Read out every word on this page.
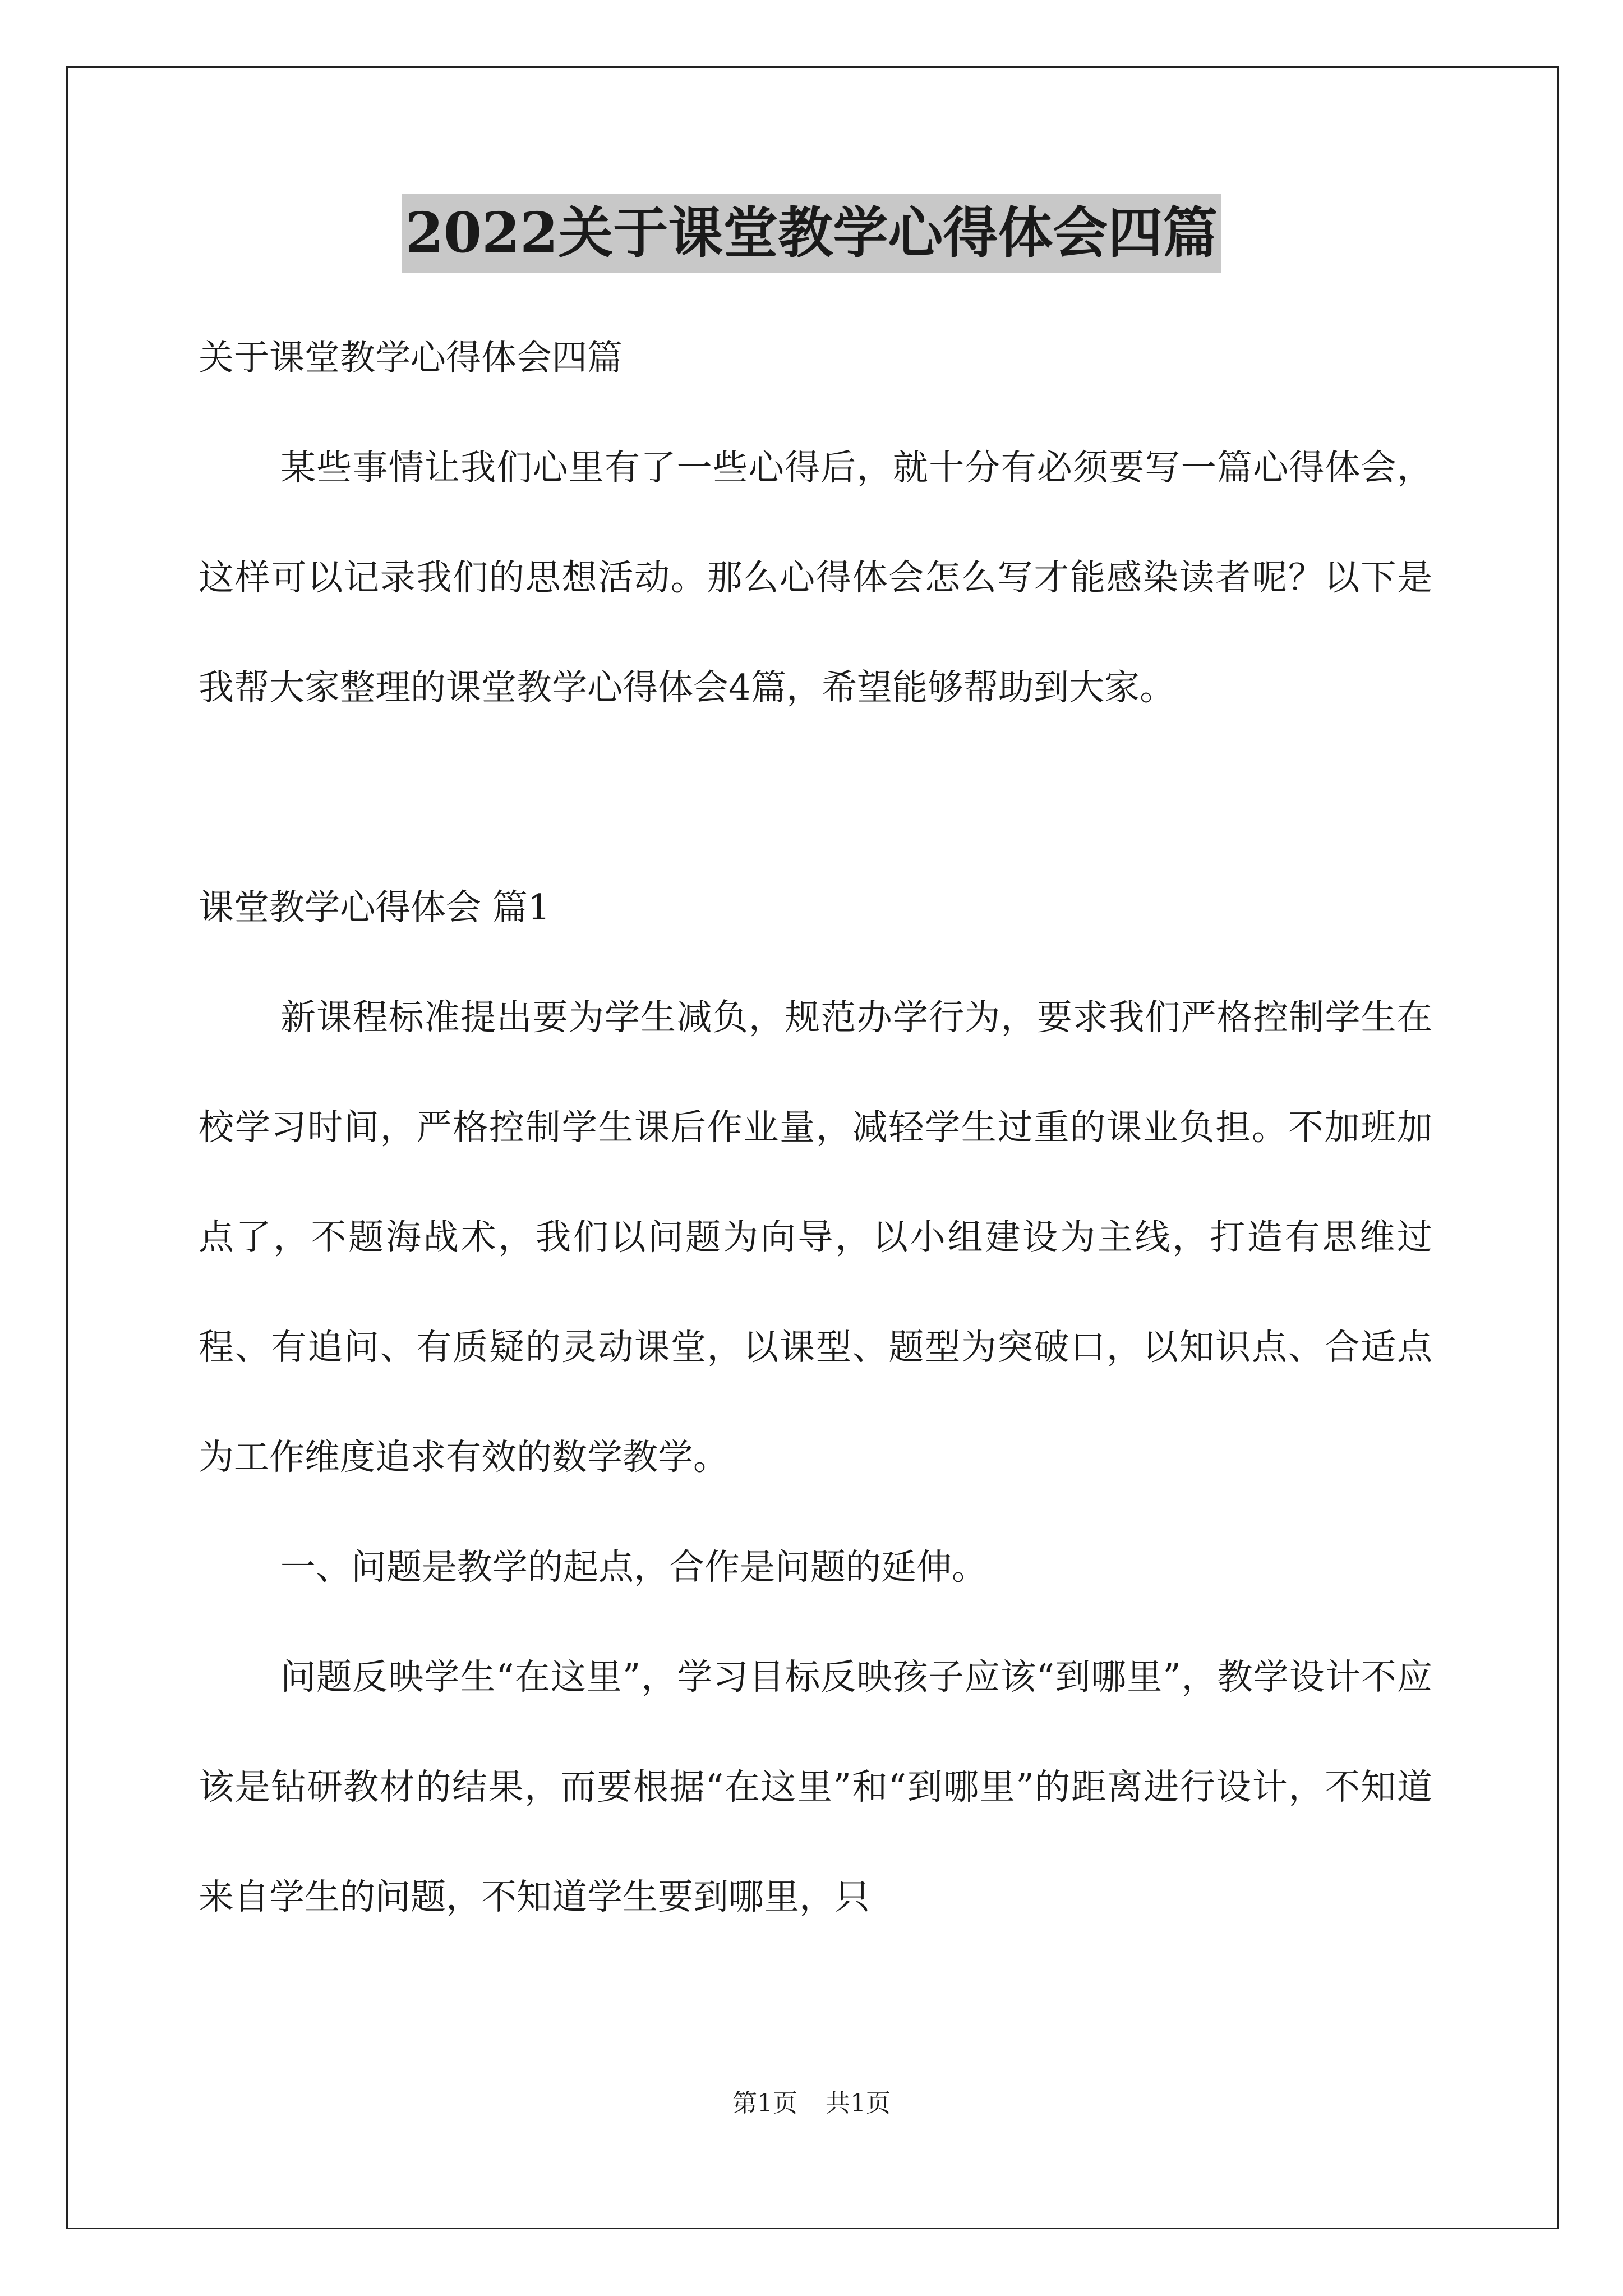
2022关于课堂教学心得体会四篇

关于课堂教学心得体会四篇

某些事情让我们心里有了一些心得后，就十分有必须要写一篇心得体会，这样可以记录我们的思想活动。那么心得体会怎么写才能感染读者呢？以下是我帮大家整理的课堂教学心得体会4篇，希望能够帮助到大家。

课堂教学心得体会 篇1

新课程标准提出要为学生减负，规范办学行为，要求我们严格控制学生在校学习时间，严格控制学生课后作业量，减轻学生过重的课业负担。不加班加点了，不题海战术，我们以问题为向导，以小组建设为主线，打造有思维过程、有追问、有质疑的灵动课堂，以课型、题型为突破口，以知识点、合适点为工作维度追求有效的数学教学。

一、问题是教学的起点，合作是问题的延伸。

问题反映学生“在这里”，学习目标反映孩子应该“到哪里”，教学设计不应该是钻研教材的结果，而要根据“在这里”和“到哪里”的距离进行设计，不知道来自学生的问题，不知道学生要到哪里，只

第1页 共1页
